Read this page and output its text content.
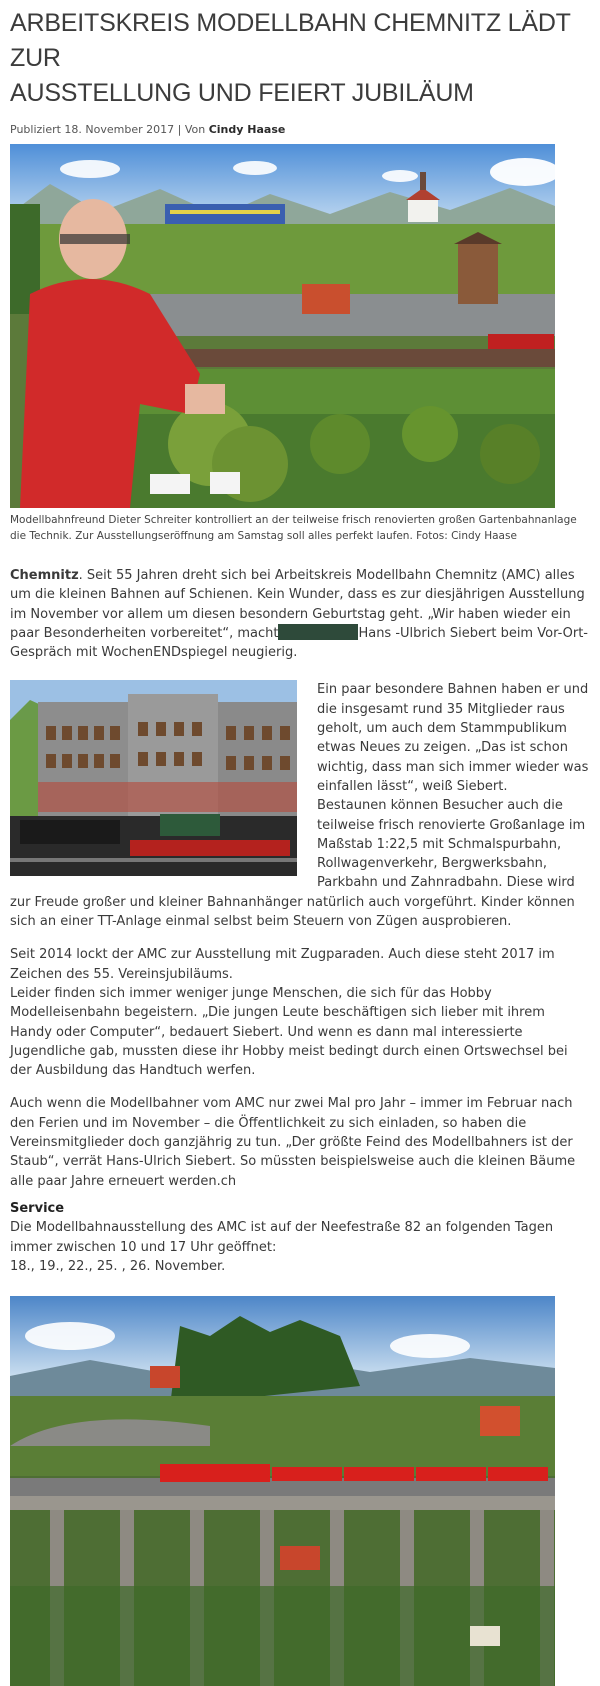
ARBEITSKREIS MODELLBAHN CHEMNITZ LÄDT ZUR
AUSSTELLUNG UND FEIERT JUBILÄUM
Publiziert 18. November 2017 | Von Cindy Haase
Modellbahnfreund Dieter Schreiter kontrolliert an der teilweise frisch renovierten großen Gartenbahnanlage die Technik. Zur Ausstellungseröffnung am Samstag soll alles perfekt laufen. Fotos: Cindy Haase

Chemnitz. Seit 55 Jahren dreht sich bei Arbeitskreis Modellbahn Chemnitz (AMC) alles um die kleinen Bahnen auf Schienen. Kein Wunder, dass es zur diesjährigen Ausstellung im November vor allem um diesen besondern Geburtstag geht. „Wir haben wieder ein paar Besonderheiten vorbereitet“, macht	Hans -Ulbrich Siebert beim Vor-Ort- Gespräch mit WochenENDspiegel neugierig.

Ein paar besondere Bahnen haben er und die insgesamt rund 35 Mitglieder raus geholt, um auch dem Stammpublikum etwas Neues zu zeigen. „Das ist schon wichtig, dass man sich immer wieder was einfallen lässt“, weiß Siebert.

Bestaunen können Besucher auch die teilweise frisch renovierte Großanlage im Maßstab 1:22,5 mit Schmalspurbahn, Rollwagenverkehr, Bergwerksbahn, Parkbahn und Zahnradbahn. Diese wird zur Freude großer und kleiner Bahnanhänger natürlich auch vorgeführt. Kinder können sich an einer TT-Anlage einmal selbst beim Steuern von Zügen ausprobieren.

Seit 2014 lockt der AMC zur Ausstellung mit Zugparaden. Auch diese steht 2017 im Zeichen des 55. Vereinsjubiläums.

Leider finden sich immer weniger junge Menschen, die sich für das Hobby Modelleisenbahn begeistern. „Die jungen Leute beschäftigen sich lieber mit ihrem Handy oder Computer“, bedauert Siebert. Und wenn es dann mal interessierte Jugendliche gab, mussten diese ihr Hobby meist bedingt durch einen Ortswechsel bei der Ausbildung das Handtuch werfen.

Auch wenn die Modellbahner vom AMC nur zwei Mal pro Jahr – immer im Februar nach den Ferien und im November – die Öffentlichkeit zu sich einladen, so haben die Vereinsmitglieder doch ganzjährig zu tun. „Der größte Feind des Modellbahners ist der Staub“, verrät Hans-Ulrich Siebert. So müssten beispielsweise auch die kleinen Bäume alle paar Jahre erneuert werden.ch

Service

Die Modellbahnausstellung des AMC ist auf der Neefestraße 82 an folgenden Tagen immer zwischen 10 und 17 Uhr geöffnet:

18., 19., 22., 25. , 26. November.
